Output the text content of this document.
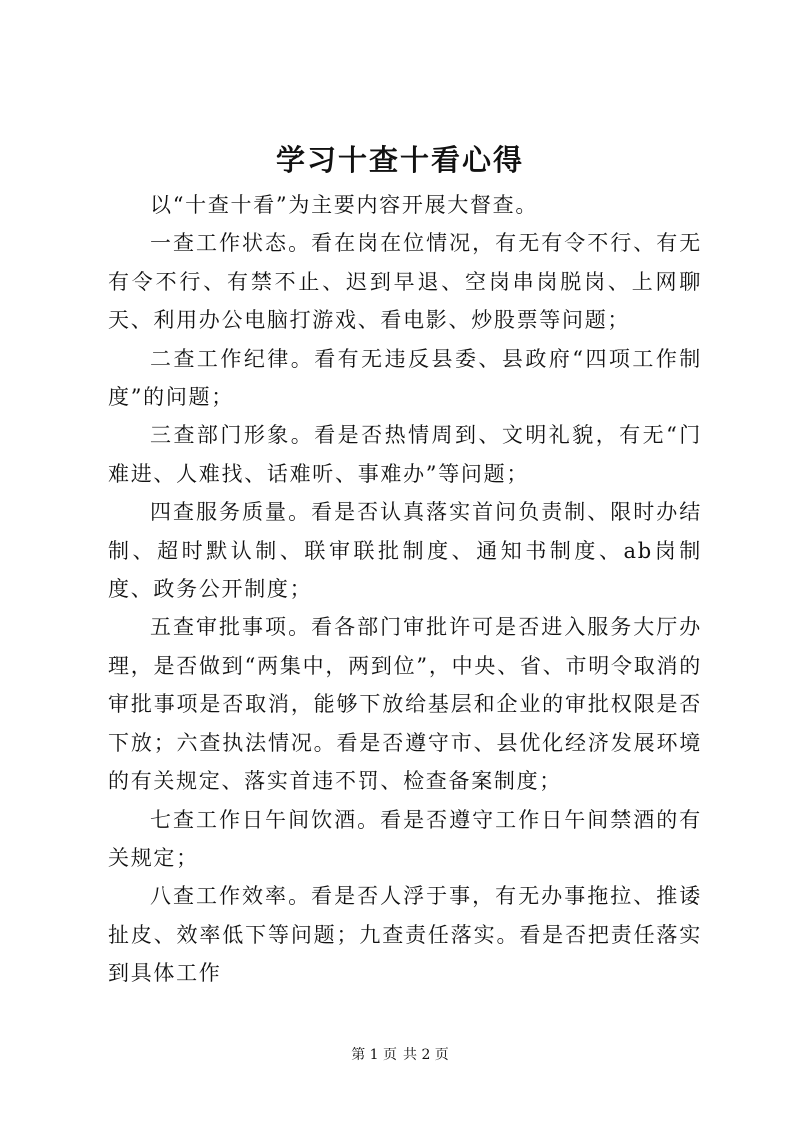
学习十查十看心得

以“十查十看”为主要内容开展大督查。

一查工作状态。看在岗在位情况，有无有令不行、有无有令不行、有禁不止、迟到早退、空岗串岗脱岗、上网聊天、利用办公电脑打游戏、看电影、炒股票等问题；

二查工作纪律。看有无违反县委、县政府“四项工作制度”的问题；

三查部门形象。看是否热情周到、文明礼貌，有无“门难进、人难找、话难听、事难办”等问题；

四查服务质量。看是否认真落实首问负责制、限时办结制、超时默认制、联审联批制度、通知书制度、ab岗制度、政务公开制度；

五查审批事项。看各部门审批许可是否进入服务大厅办理，是否做到“两集中，两到位”，中央、省、市明令取消的审批事项是否取消，能够下放给基层和企业的审批权限是否下放；六查执法情况。看是否遵守市、县优化经济发展环境的有关规定、落实首违不罚、检查备案制度；

七查工作日午间饮酒。看是否遵守工作日午间禁酒的有关规定；

八查工作效率。看是否人浮于事，有无办事拖拉、推诿扯皮、效率低下等问题；九查责任落实。看是否把责任落实到具体工作

第 1 页 共 2 页
